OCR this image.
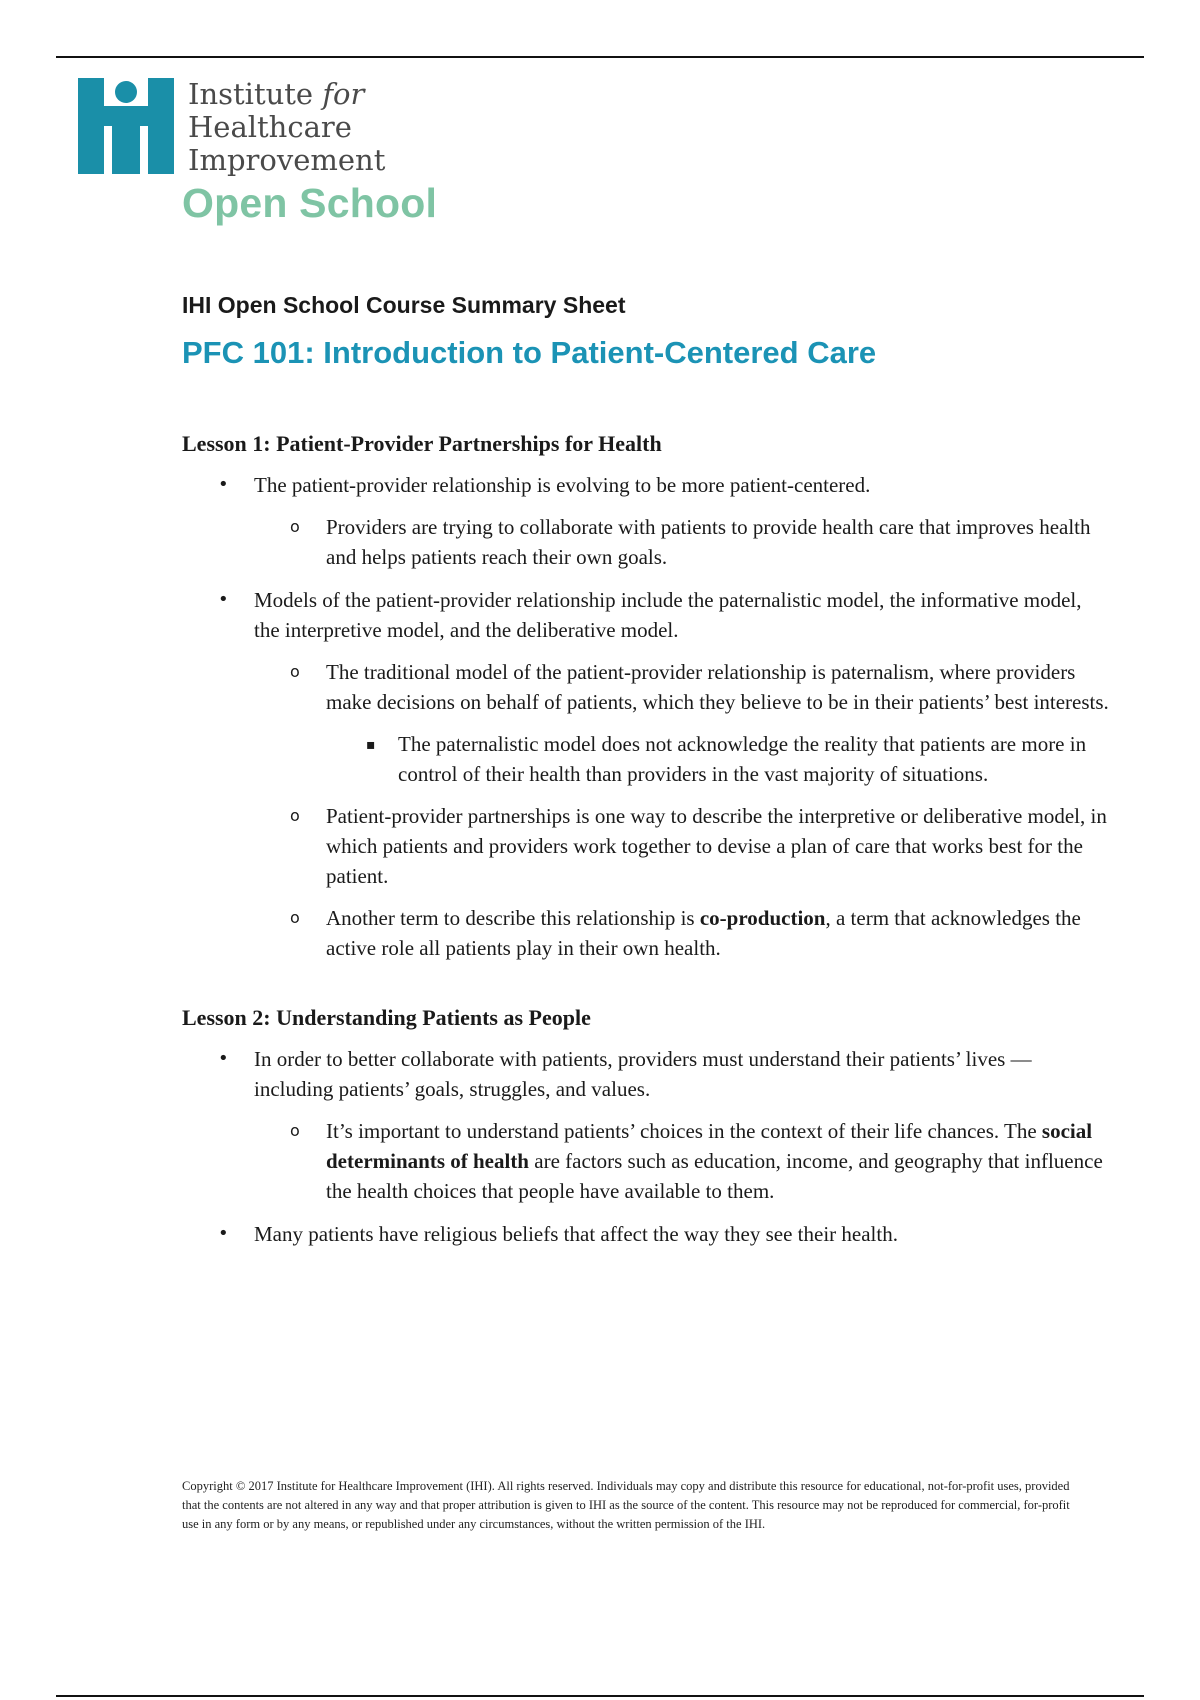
Institute for
Healthcare
Improvement
Open School

IHI Open School Course Summary Sheet

PFC 101: Introduction to Patient-Centered Care
Lesson 1: Patient-Provider Partnerships for Health
• The patient-provider relationship is evolving to be more patient-centered.
o Providers are trying to collaborate with patients to provide health care that improves health and helps patients reach their own goals.
• Models of the patient-provider relationship include the paternalistic model, the informative model, the interpretive model, and the deliberative model.
o The traditional model of the patient-provider relationship is paternalism, where providers make decisions on behalf of patients, which they believe to be in their patients’ best interests.
▪ The paternalistic model does not acknowledge the reality that patients are more in control of their health than providers in the vast majority of situations.
o Patient-provider partnerships is one way to describe the interpretive or deliberative model, in which patients and providers work together to devise a plan of care that works best for the patient.
o Another term to describe this relationship is co-production, a term that acknowledges the active role all patients play in their own health.
Lesson 2: Understanding Patients as People
• In order to better collaborate with patients, providers must understand their patients’ lives — including patients’ goals, struggles, and values.
o It’s important to understand patients’ choices in the context of their life chances. The social determinants of health are factors such as education, income, and geography that influence the health choices that people have available to them.
• Many patients have religious beliefs that affect the way they see their health.
Copyright © 2017 Institute for Healthcare Improvement (IHI). All rights reserved. Individuals may copy and distribute this resource for educational, not-for-profit uses, provided that the contents are not altered in any way and that proper attribution is given to IHI as the source of the content. This resource may not be reproduced for commercial, for-profit use in any form or by any means, or republished under any circumstances, without the written permission of the IHI.
